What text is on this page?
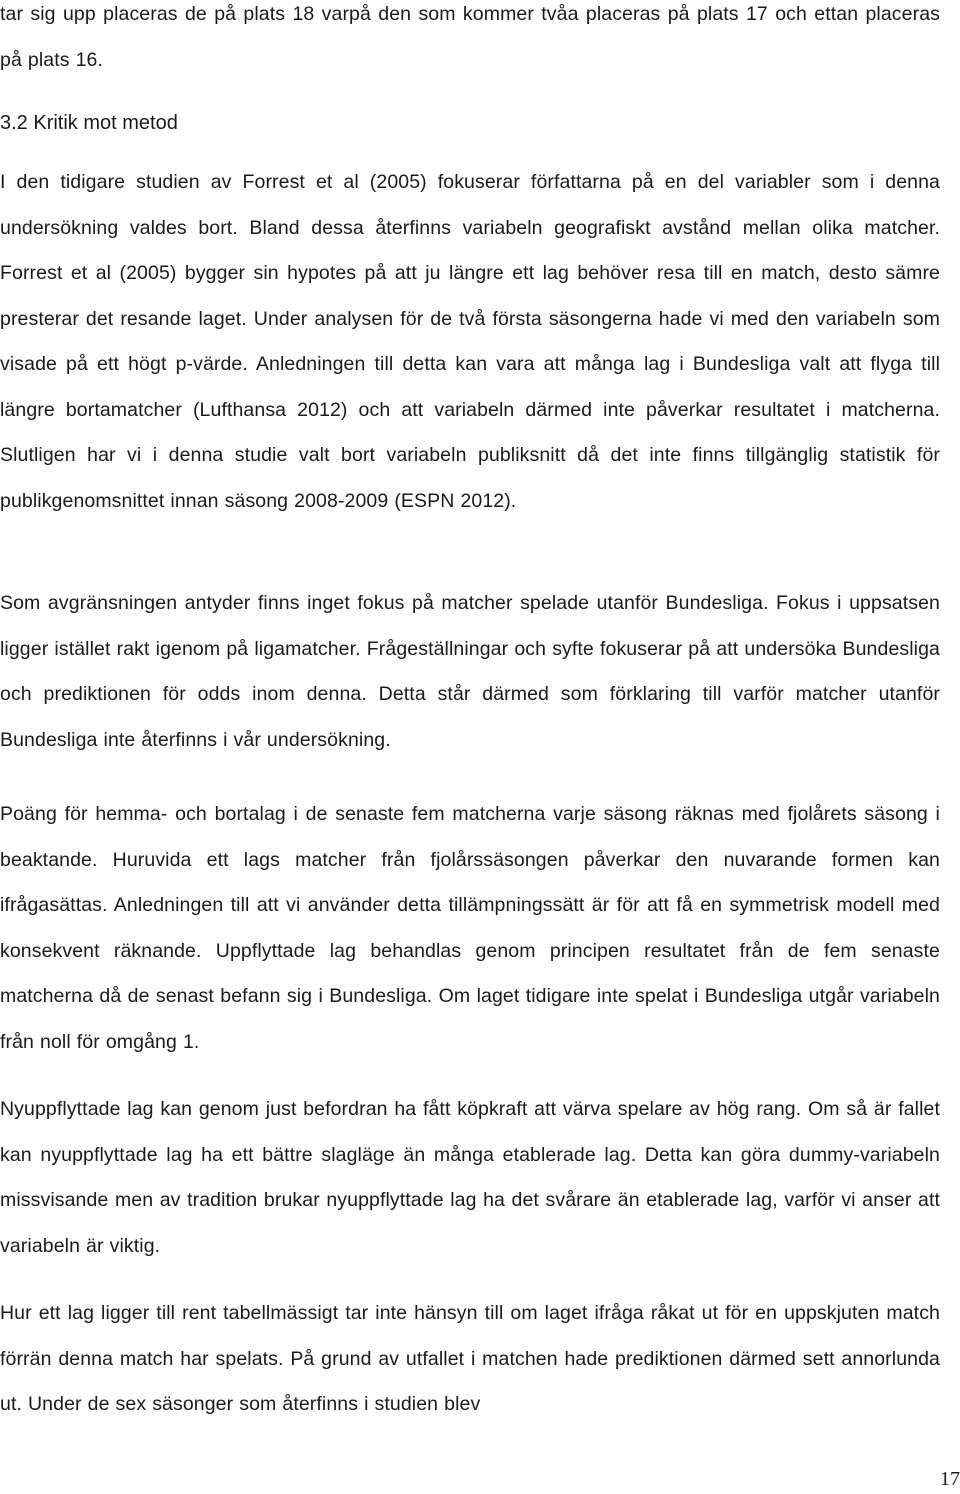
tar sig upp placeras de på plats 18 varpå den som kommer tvåa placeras på plats 17 och ettan placeras på plats 16.

3.2 Kritik mot metod

I den tidigare studien av Forrest et al (2005) fokuserar författarna på en del variabler som i denna undersökning valdes bort. Bland dessa återfinns variabeln geografiskt avstånd mellan olika matcher. Forrest et al (2005) bygger sin hypotes på att ju längre ett lag behöver resa till en match, desto sämre presterar det resande laget. Under analysen för de två första säsongerna hade vi med den variabeln som visade på ett högt p-värde. Anledningen till detta kan vara att många lag i Bundesliga valt att flyga till längre bortamatcher (Lufthansa 2012) och att variabeln därmed inte påverkar resultatet i matcherna. Slutligen har vi i denna studie valt bort variabeln publiksnitt då det inte finns tillgänglig statistik för publikgenomsnittet innan säsong 2008-2009 (ESPN 2012).

Som avgränsningen antyder finns inget fokus på matcher spelade utanför Bundesliga. Fokus i uppsatsen ligger istället rakt igenom på ligamatcher. Frågeställningar och syfte fokuserar på att undersöka Bundesliga och prediktionen för odds inom denna. Detta står därmed som förklaring till varför matcher utanför Bundesliga inte återfinns i vår undersökning.

Poäng för hemma- och bortalag i de senaste fem matcherna varje säsong räknas med fjolårets säsong i beaktande. Huruvida ett lags matcher från fjolårssäsongen påverkar den nuvarande formen kan ifrågasättas. Anledningen till att vi använder detta tillämpningssätt är för att få en symmetrisk modell med konsekvent räknande. Uppflyttade lag behandlas genom principen resultatet från de fem senaste matcherna då de senast befann sig i Bundesliga. Om laget tidigare inte spelat i Bundesliga utgår variabeln från noll för omgång 1.

Nyuppflyttade lag kan genom just befordran ha fått köpkraft att värva spelare av hög rang. Om så är fallet kan nyuppflyttade lag ha ett bättre slagläge än många etablerade lag. Detta kan göra dummy-variabeln missvisande men av tradition brukar nyuppflyttade lag ha det svårare än etablerade lag, varför vi anser att variabeln är viktig.

Hur ett lag ligger till rent tabellmässigt tar inte hänsyn till om laget ifråga råkat ut för en uppskjuten match förrän denna match har spelats. På grund av utfallet i matchen hade prediktionen därmed sett annorlunda ut. Under de sex säsonger som återfinns i studien blev

17
